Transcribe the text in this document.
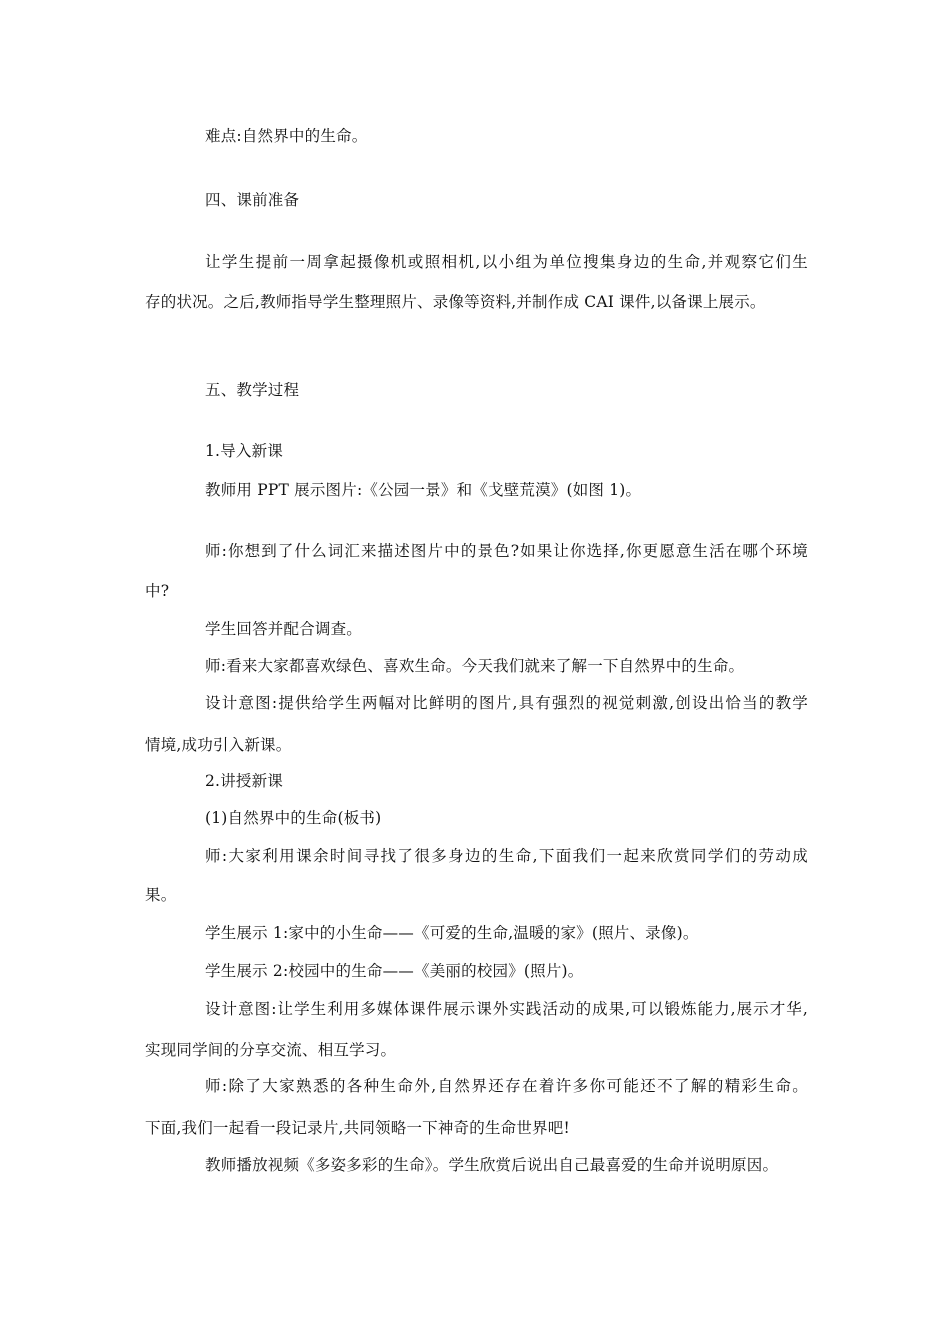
难点:自然界中的生命。
四、课前准备
让学生提前一周拿起摄像机或照相机,以小组为单位搜集身边的生命,并观察它们生
存的状况。之后,教师指导学生整理照片、录像等资料,并制作成 CAI 课件,以备课上展示。
五、教学过程
1.导入新课
教师用 PPT 展示图片:《公园一景》和《戈壁荒漠》(如图 1)。
师:你想到了什么词汇来描述图片中的景色?如果让你选择,你更愿意生活在哪个环境
中?
学生回答并配合调查。
师:看来大家都喜欢绿色、喜欢生命。今天我们就来了解一下自然界中的生命。
设计意图:提供给学生两幅对比鲜明的图片,具有强烈的视觉刺激,创设出恰当的教学
情境,成功引入新课。
2.讲授新课
(1)自然界中的生命(板书)
师:大家利用课余时间寻找了很多身边的生命,下面我们一起来欣赏同学们的劳动成
果。
学生展示 1:家中的小生命——《可爱的生命,温暖的家》(照片、录像)。
学生展示 2:校园中的生命——《美丽的校园》(照片)。
设计意图:让学生利用多媒体课件展示课外实践活动的成果,可以锻炼能力,展示才华,
实现同学间的分享交流、相互学习。
师:除了大家熟悉的各种生命外,自然界还存在着许多你可能还不了解的精彩生命。
下面,我们一起看一段记录片,共同领略一下神奇的生命世界吧!
教师播放视频《多姿多彩的生命》。学生欣赏后说出自己最喜爱的生命并说明原因。
